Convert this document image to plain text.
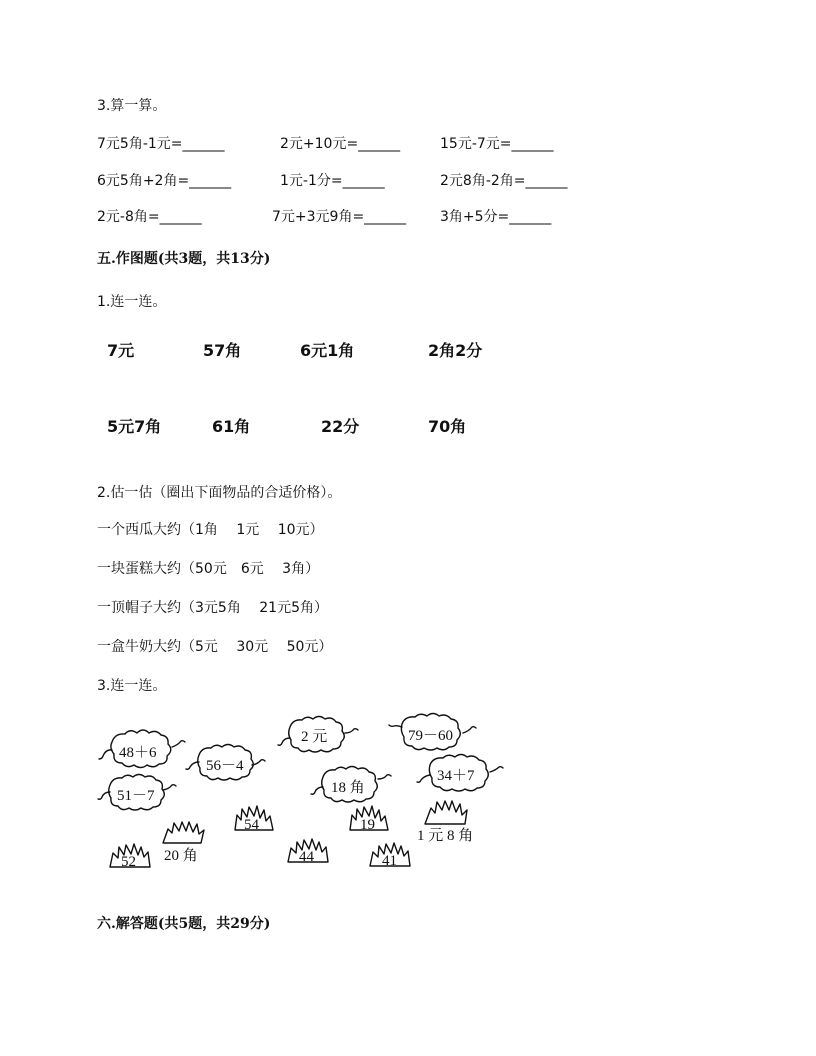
3.算一算。
7元5角-1元=______	2元+10元=______	15元-7元=______
6元5角+2角=______	1元-1分=______	2元8角-2角=______
2元-8角=______	7元+3元9角=______ 3角+5分=______
五.作图题(共3题，共13分)
1.连一连。
7元	57角	6元1角	2角2分
5元7角	61角	22分	70角
2.估一估（圈出下面物品的合适价格）。
一个西瓜大约（1角　 1元　 10元）
一块蛋糕大约（50元　6元　 3角）
一顶帽子大约（3元5角　 21元5角）
一盒牛奶大约（5元　 30元　 50元）
3.连一连。
48＋6
2 元	79－60
56－4
51－7	18 角
34＋7
54	19
52	44	41
20 角
1 元 8 角
六.解答题(共5题，共29分)
